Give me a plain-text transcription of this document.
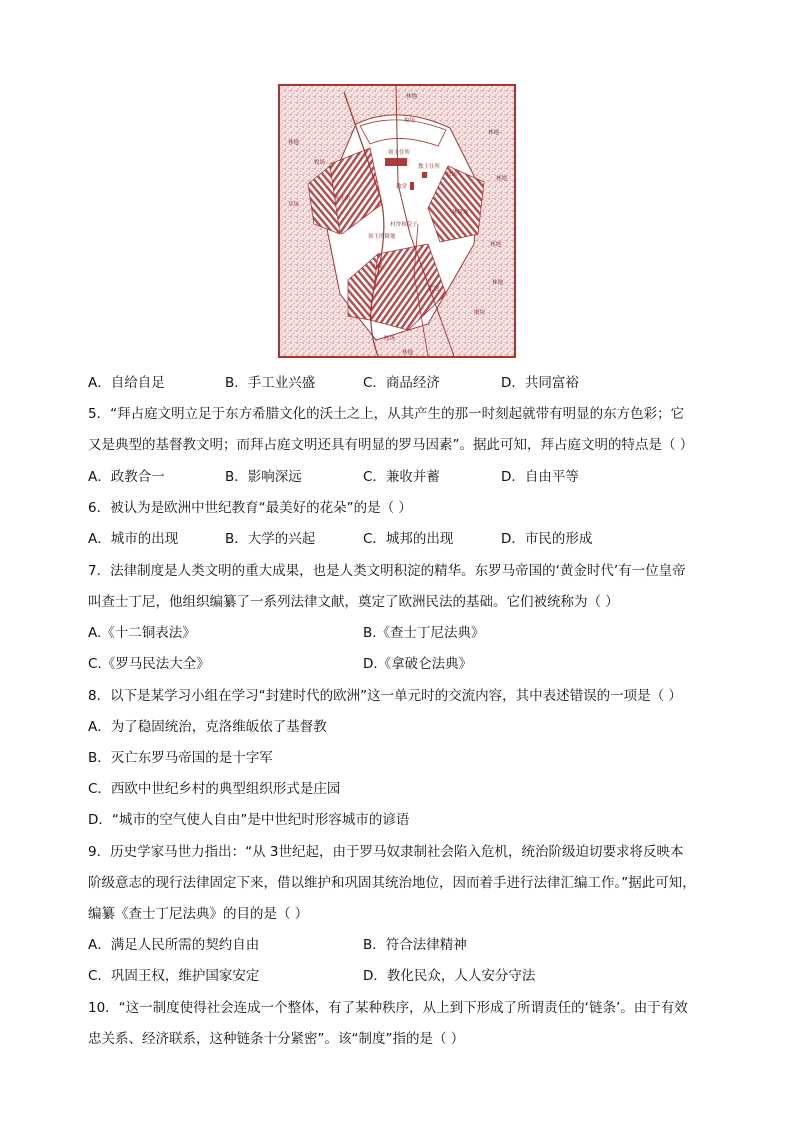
林地
牧场
林地
林地
牧场
领主住所
教士住所
教堂
草场
牧场
林地
领主的
村舍和院子
休耕地
领主的耕地
小溪
林地
林地
荒地
牧场
林地
磨坊
A．自给自足	B．手工业兴盛	C．商品经济	D．共同富裕
5．“拜占庭文明立足于东方希腊文化的沃土之上，从其产生的那一时刻起就带有明显的东方色彩；它
又是典型的基督教文明；而拜占庭文明还具有明显的罗马因素”。据此可知，拜占庭文明的特点是（ ）
A．政教合一	B．影响深远	C．兼收并蓄	D．自由平等
6．被认为是欧洲中世纪教育“最美好的花朵”的是（ ）
A．城市的出现	B．大学的兴起	C．城邦的出现	D．市民的形成
7．法律制度是人类文明的重大成果，也是人类文明积淀的精华。东罗马帝国的‘黄金时代’有一位皇帝
叫查士丁尼，他组织编纂了一系列法律文献，奠定了欧洲民法的基础。它们被统称为（ ）
A.《十二铜表法》	B.《查士丁尼法典》
C.《罗马民法大全》	D.《拿破仑法典》
8．以下是某学习小组在学习“封建时代的欧洲”这一单元时的交流内容，其中表述错误的一项是（ ）
A．为了稳固统治，克洛维皈依了基督教
B．灭亡东罗马帝国的是十字军
C．西欧中世纪乡村的典型组织形式是庄园
D．“城市的空气使人自由”是中世纪时形容城市的谚语
9．历史学家马世力指出：“从 3世纪起，由于罗马奴隶制社会陷入危机，统治阶级迫切要求将反映本
阶级意志的现行法律固定下来，借以维护和巩固其统治地位，因而着手进行法律汇编工作。”据此可知，
编纂《查士丁尼法典》的目的是（ ）
A．满足人民所需的契约自由	B．符合法律精神
C．巩固王权，维护国家安定	D．教化民众，人人安分守法
10．“这一制度使得社会连成一个整体，有了某种秩序，从上到下形成了所谓责任的‘链条’。由于有效
忠关系、经济联系，这种链条十分紧密”。该“制度”指的是（ ）
